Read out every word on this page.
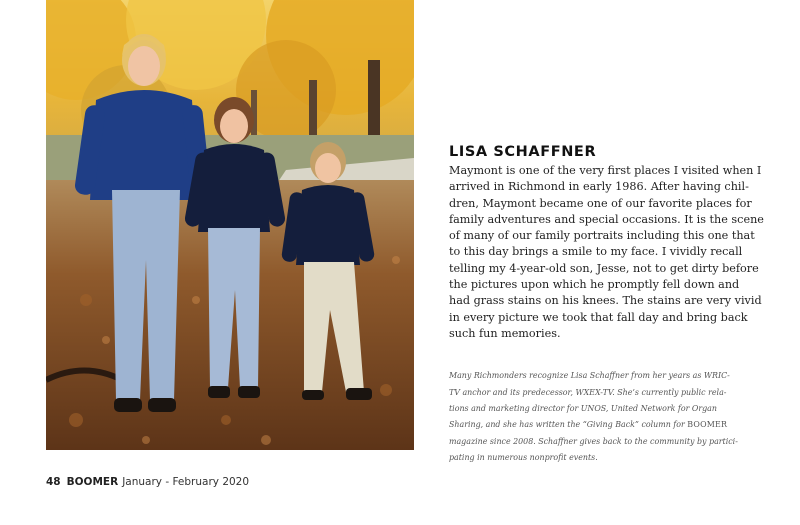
LISA SCHAFFNER

Maymont is one of the very first places I visited when I
arrived in Richmond in early 1986. After having chil-
dren, Maymont became one of our favorite places for
family adventures and special occasions. It is the scene
of many of our family portraits including this one that
to this day brings a smile to my face. I vividly recall
telling my 4-year-old son, Jesse, not to get dirty before
the pictures upon which he promptly fell down and
had grass stains on his knees. The stains are very vivid
in every picture we took that fall day and bring back
such fun memories.

Many Richmonders recognize Lisa Schaffner from her years as WRIC-
TV anchor and its predecessor, WXEX-TV. She’s currently public rela-
tions and marketing director for UNOS, United Network for Organ
Sharing, and she has written the “Giving Back” column for BOOMER
magazine since 2008. Schaffner gives back to the community by partici-
pating in numerous nonprofit events.

48 BOOMER January - February 2020
